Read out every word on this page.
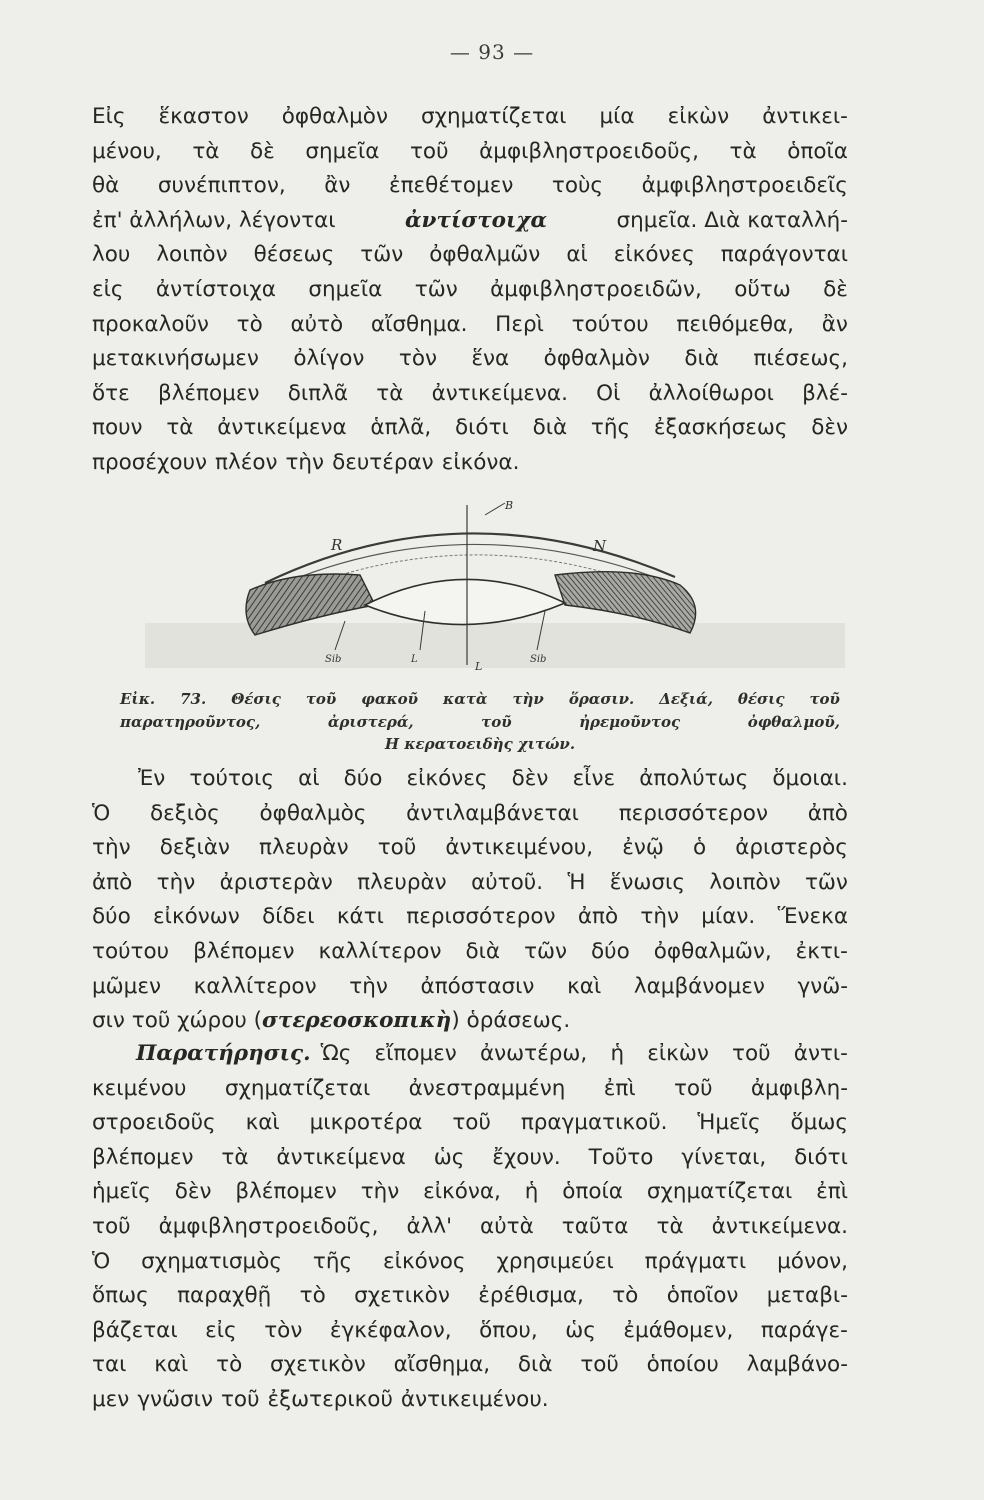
— 93 —
Εἰς ἕκαστον ὀφθαλμὸν σχηματίζεται μία εἰκὼν ἀντικει-
μένου, τὰ δὲ σημεῖα τοῦ ἀμφιβληστροειδοῦς, τὰ ὁποῖα
θὰ συνέπιπτον, ἂν ἐπεθέτομεν τοὺς ἀμφιβληστροειδεῖς
ἐπ' ἀλλήλων, λέγονται	ἀντίστοιχα	σημεῖα. Διὰ καταλλή-
λου λοιπὸν θέσεως τῶν ὀφθαλμῶν αἱ εἰκόνες παράγονται
εἰς ἀντίστοιχα σημεῖα τῶν ἀμφιβληστροειδῶν, οὕτω δὲ
προκαλοῦν τὸ αὐτὸ αἴσθημα. Περὶ τούτου πειθόμεθα, ἂν
μετακινήσωμεν ὀλίγον τὸν ἕνα ὀφθαλμὸν διὰ πιέσεως,
ὅτε βλέπομεν διπλᾶ τὰ ἀντικείμενα. Οἱ ἀλλοίθωροι βλέ-
πουν τὰ ἀντικείμενα ἁπλᾶ, διότι διὰ τῆς ἐξασκήσεως δὲν
προσέχουν πλέον τὴν δευτέραν εἰκόνα.
R	N
B
Sib	L
L
Sib
Εἰκ. 73. Θέσις τοῦ φακοῦ κατὰ τὴν ὅρασιν. Δεξιά, θέσις τοῦ
παρατηροῦντος,	ἀριστερά,	τοῦ	ἠρεμοῦντος	ὀφθαλμοῦ,
Η κερατοειδὴς χιτών.
Ἐν τούτοις αἱ δύο εἰκόνες δὲν εἶνε ἀπολύτως ὅμοιαι.
Ὁ δεξιὸς ὀφθαλμὸς ἀντιλαμβάνεται περισσότερον ἀπὸ
τὴν δεξιὰν πλευρὰν τοῦ ἀντικειμένου, ἐνῷ ὁ ἀριστερὸς
ἀπὸ τὴν ἀριστερὰν πλευρὰν αὐτοῦ. Ἡ ἕνωσις λοιπὸν τῶν
δύο εἰκόνων δίδει κάτι περισσότερον ἀπὸ τὴν μίαν. Ἕνεκα
τούτου βλέπομεν καλλίτερον διὰ τῶν δύο ὀφθαλμῶν, ἐκτι-
μῶμεν καλλίτερον τὴν ἀπόστασιν καὶ λαμβάνομεν γνῶ-
σιν τοῦ χώρου ( στερεοσκοπικὴ ) ὁράσεως.
Παρατήρησις. Ὡς εἴπομεν ἀνωτέρω, ἡ εἰκὼν τοῦ ἀντι-
κειμένου σχηματίζεται ἀνεστραμμένη ἐπὶ τοῦ ἀμφιβλη-
στροειδοῦς καὶ μικροτέρα τοῦ πραγματικοῦ. Ἡμεῖς ὅμως
βλέπομεν τὰ ἀντικείμενα ὡς ἔχουν. Τοῦτο γίνεται, διότι
ἡμεῖς δὲν βλέπομεν τὴν εἰκόνα, ἡ ὁποία σχηματίζεται ἐπὶ
τοῦ ἀμφιβληστροειδοῦς, ἀλλ' αὐτὰ ταῦτα τὰ ἀντικείμενα.
Ὁ σχηματισμὸς τῆς εἰκόνος χρησιμεύει πράγματι μόνον,
ὅπως παραχθῇ τὸ σχετικὸν ἐρέθισμα, τὸ ὁποῖον μεταβι-
βάζεται εἰς τὸν ἐγκέφαλον, ὅπου, ὡς ἐμάθομεν, παράγε-
ται καὶ τὸ σχετικὸν αἴσθημα, διὰ τοῦ ὁποίου λαμβάνο-
μεν γνῶσιν τοῦ ἐξωτερικοῦ ἀντικειμένου.
